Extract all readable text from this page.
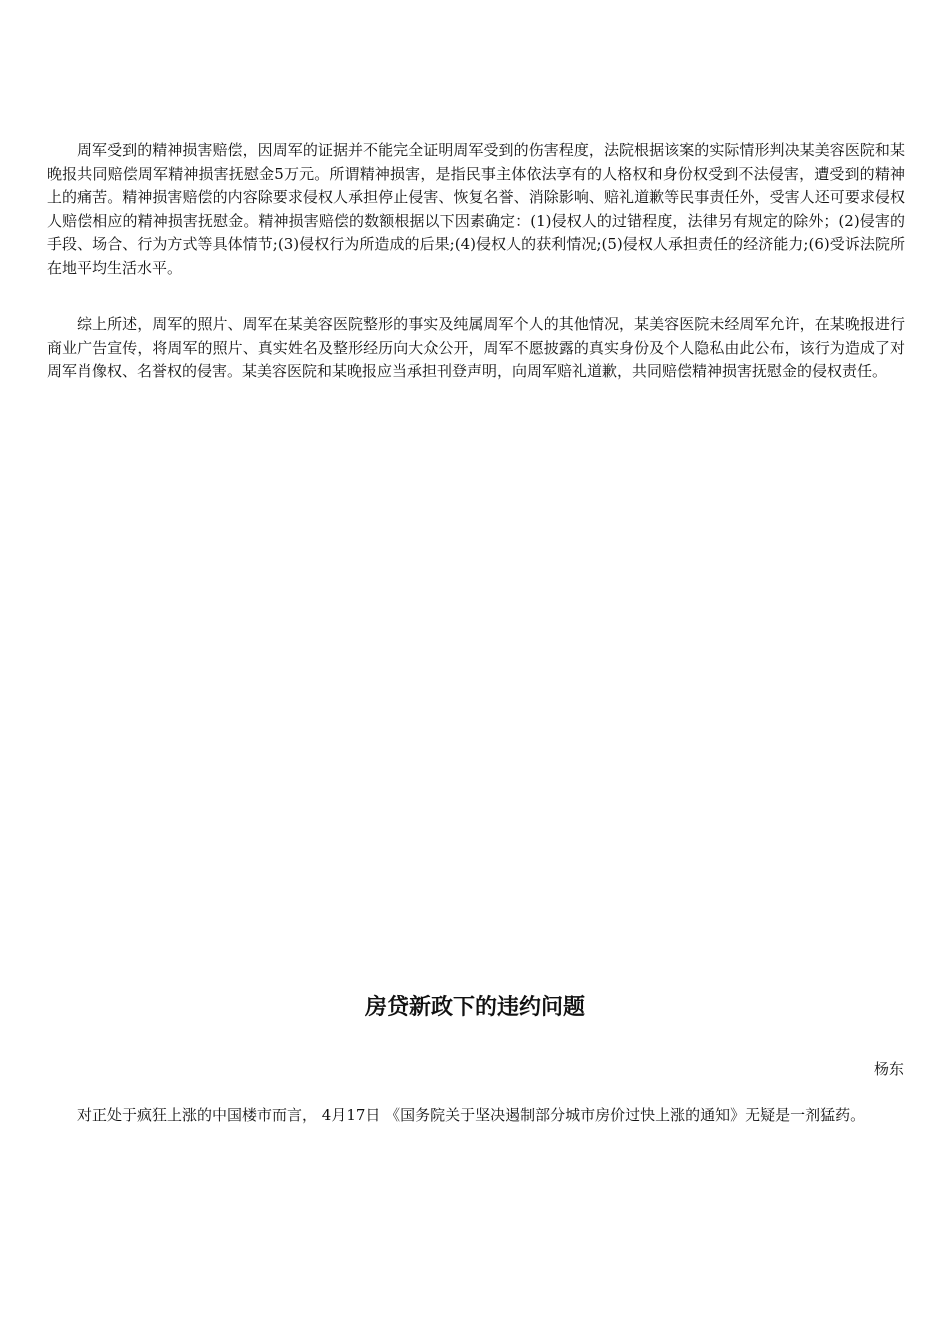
周军受到的精神损害赔偿，因周军的证据并不能完全证明周军受到的伤害程度，法院根据该案的实际情形判决某美容医院和某晚报共同赔偿周军精神损害抚慰金5万元。所谓精神损害，是指民事主体依法享有的人格权和身份权受到不法侵害，遭受到的精神上的痛苦。精神损害赔偿的内容除要求侵权人承担停止侵害、恢复名誉、消除影响、赔礼道歉等民事责任外，受害人还可要求侵权人赔偿相应的精神损害抚慰金。精神损害赔偿的数额根据以下因素确定：(1)侵权人的过错程度，法律另有规定的除外；(2)侵害的手段、场合、行为方式等具体情节;(3)侵权行为所造成的后果;(4)侵权人的获利情况;(5)侵权人承担责任的经济能力;(6)受诉法院所在地平均生活水平。

综上所述，周军的照片、周军在某美容医院整形的事实及纯属周军个人的其他情况，某美容医院未经周军允许，在某晚报进行商业广告宣传，将周军的照片、真实姓名及整形经历向大众公开，周军不愿披露的真实身份及个人隐私由此公布，该行为造成了对周军肖像权、名誉权的侵害。某美容医院和某晚报应当承担刊登声明，向周军赔礼道歉，共同赔偿精神损害抚慰金的侵权责任。

房贷新政下的违约问题
杨东

对正处于疯狂上涨的中国楼市而言， 4月17日 《国务院关于坚决遏制部分城市房价过快上涨的通知》无疑是一剂猛药。
